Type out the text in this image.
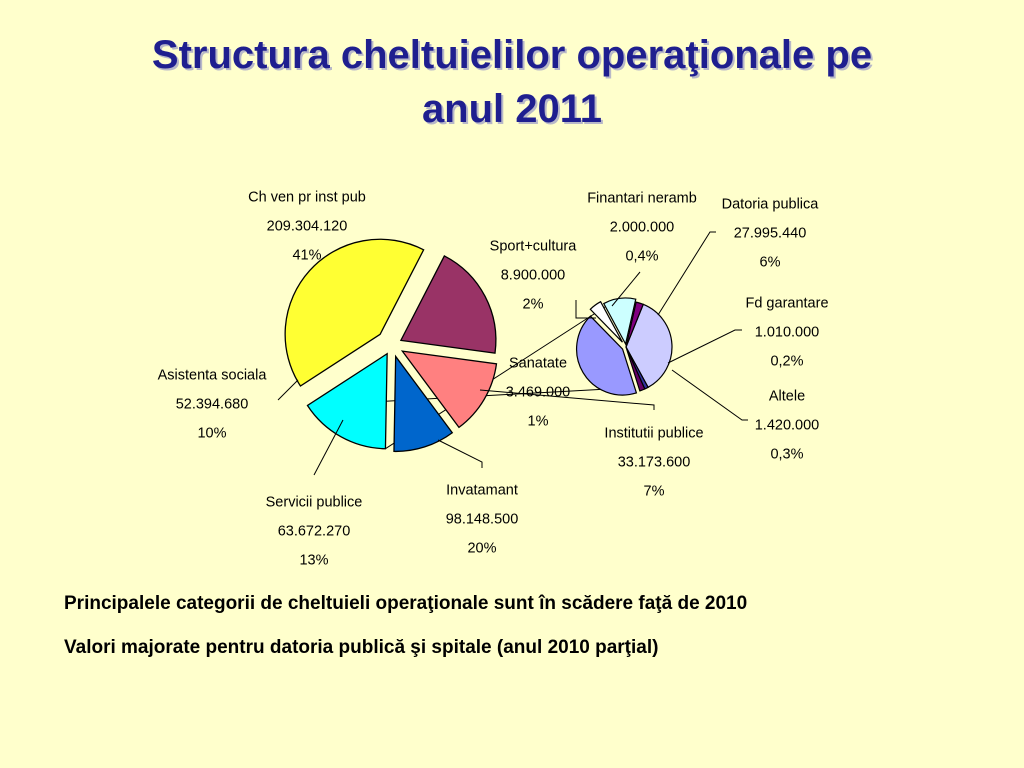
Structura cheltuielilor operaţionale pe
anul 2011
Ch ven pr inst pub
209.304.120
41%
Invatamant
98.148.500
20%
Servicii publice
63.672.270
13%
Asistenta sociala
52.394.680
10%
Datoria publica
27.995.440
6%
Fd garantare
1.010.000
0,2%
Altele
1.420.000
0,3%
Institutii publice
33.173.600
7%
Sanatate
3.469.000
1%
Sport+cultura
8.900.000
2%
Finantari neramb
2.000.000
0,4%
Principalele categorii de cheltuieli operaţionale sunt în scădere faţă de 2010
Valori majorate pentru datoria publică şi spitale (anul 2010 parţial)
